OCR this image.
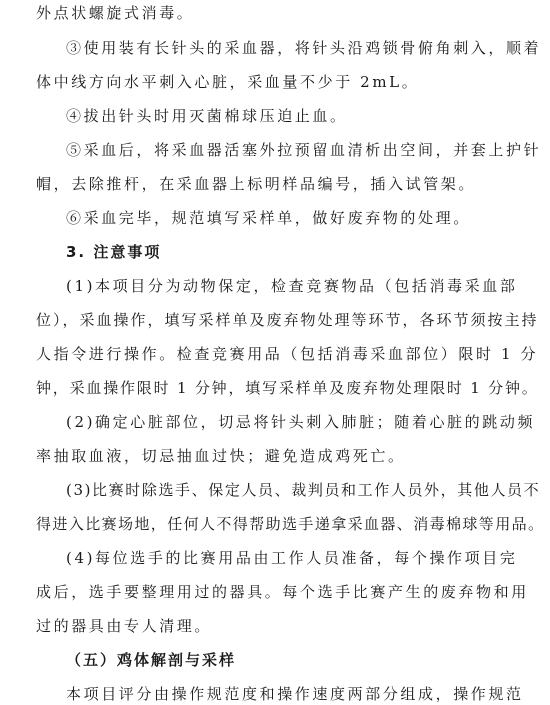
外点状螺旋式消毒。
③使用装有长针头的采血器，将针头沿鸡锁骨俯角刺入，顺着
体中线方向水平刺入心脏，采血量不少于 2mL。
④拔出针头时用灭菌棉球压迫止血。
⑤采血后，将采血器活塞外拉预留血清析出空间，并套上护针
帽，去除推杆，在采血器上标明样品编号，插入试管架。
⑥采血完毕，规范填写采样单，做好废弃物的处理。
3. 注意事项
(1)本项目分为动物保定，检查竞赛物品（包括消毒采血部
位），采血操作，填写采样单及废弃物处理等环节，各环节须按主持
人指令进行操作。检查竞赛用品（包括消毒采血部位）限时 1 分
钟，采血操作限时 1 分钟，填写采样单及废弃物处理限时 1 分钟。
(2)确定心脏部位，切忌将针头刺入肺脏；随着心脏的跳动频
率抽取血液，切忌抽血过快；避免造成鸡死亡。
(3)比赛时除选手、保定人员、裁判员和工作人员外，其他人员不
得进入比赛场地，任何人不得帮助选手递拿采血器、消毒棉球等用品。
(4)每位选手的比赛用品由工作人员准备，每个操作项目完
成后，选手要整理用过的器具。每个选手比赛产生的废弃物和用
过的器具由专人清理。
（五）鸡体解剖与采样
本项目评分由操作规范度和操作速度两部分组成，操作规范
